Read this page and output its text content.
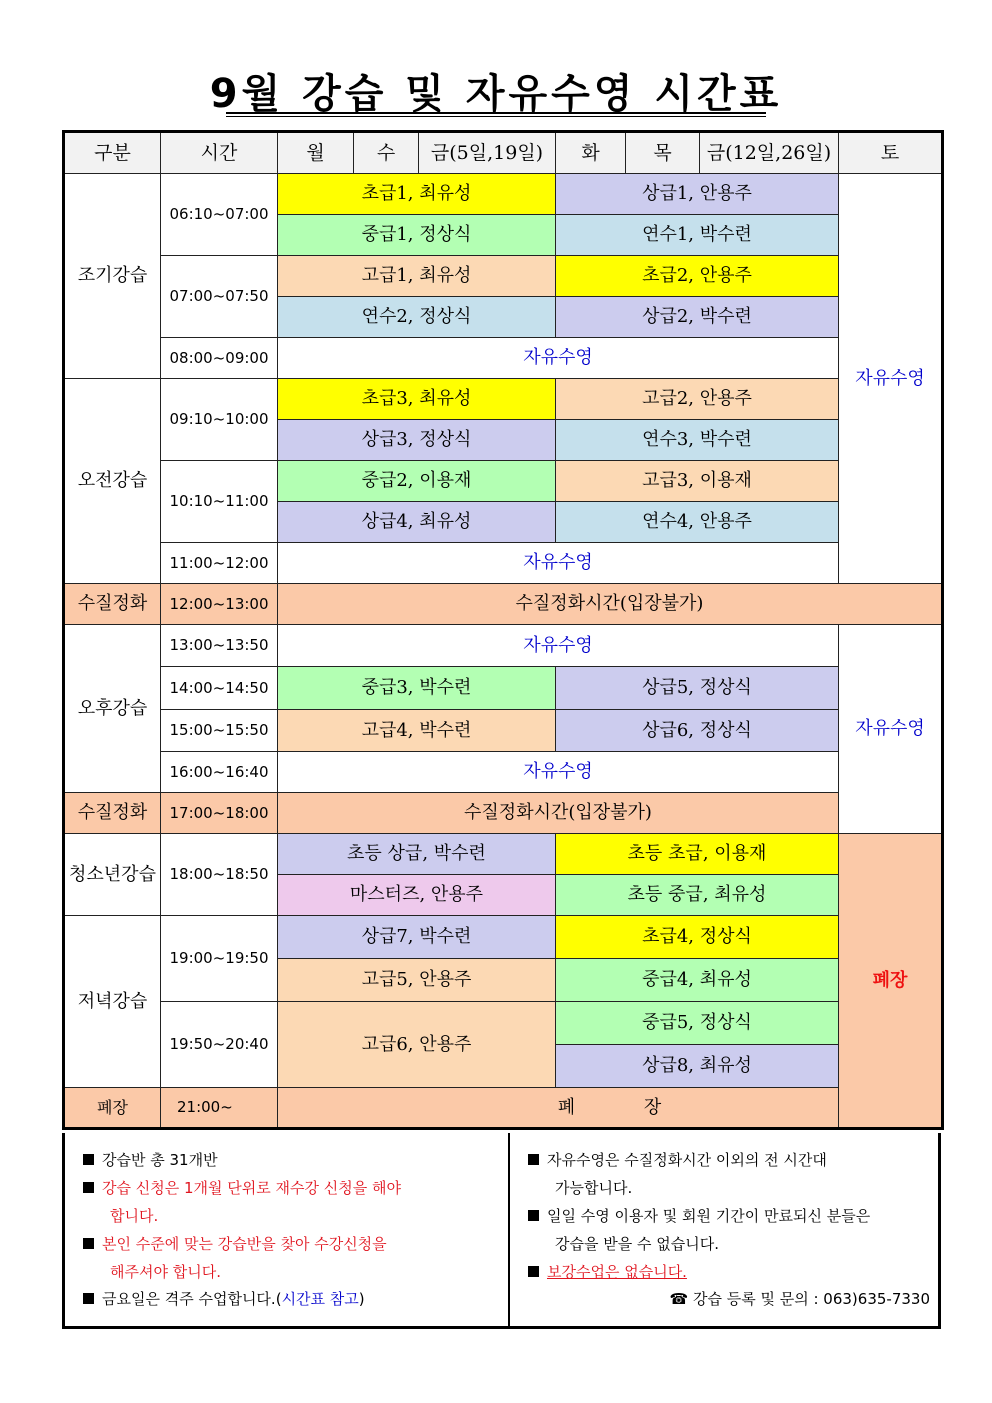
9월 강습 및 자유수영 시간표
구분	시간	월	수	금(5일,19일)	화	목	금(12일,26일)	토
조기강습	06:10~07:00	초급1, 최유성			상급1, 안용주			자유수영
		중급1, 정상식			연수1, 박수련			
	07:00~07:50	고급1, 최유성			초급2, 안용주			
		연수2, 정상식			상급2, 박수련			
	08:00~09:00	자유수영						
오전강습	09:10~10:00	초급3, 최유성			고급2, 안용주			
		상급3, 정상식			연수3, 박수련			
	10:10~11:00	중급2, 이용재			고급3, 이용재			
		상급4, 최유성			연수4, 안용주			
	11:00~12:00	자유수영						
수질정화	12:00~13:00	수질정화시간(입장불가)						
오후강습	13:00~13:50	자유수영						자유수영
	14:00~14:50	중급3, 박수련			상급5, 정상식			
	15:00~15:50	고급4, 박수련			상급6, 정상식			
	16:00~16:40	자유수영						
수질정화	17:00~18:00	수질정화시간(입장불가)						
청소년강습	18:00~18:50	초등 상급, 박수련			초등 초급, 이용재			폐장
		마스터즈, 안용주			초등 중급, 최유성			
저녁강습	19:00~19:50	상급7, 박수련			초급4, 정상식			
		고급5, 안용주			중급4, 최유성			
	19:50~20:40	고급6, 안용주			중급5, 정상식			
					상급8, 최유성			
폐장	21:00~	폐            장						
강습반 총 31개반
강습 신청은 1개월 단위로 재수강 신청을 해야
합니다.
본인 수준에 맞는 강습반을 찾아 수강신청을
해주셔야 합니다.
금요일은 격주 수업합니다.(시간표 참고)
자유수영은 수질정화시간 이외의 전 시간대
가능합니다.
일일 수영 이용자 및 회원 기간이 만료되신 분들은
강습을 받을 수 없습니다.
보강수업은 없습니다.
☎ 강습 등록 및 문의 : 063)635-7330
